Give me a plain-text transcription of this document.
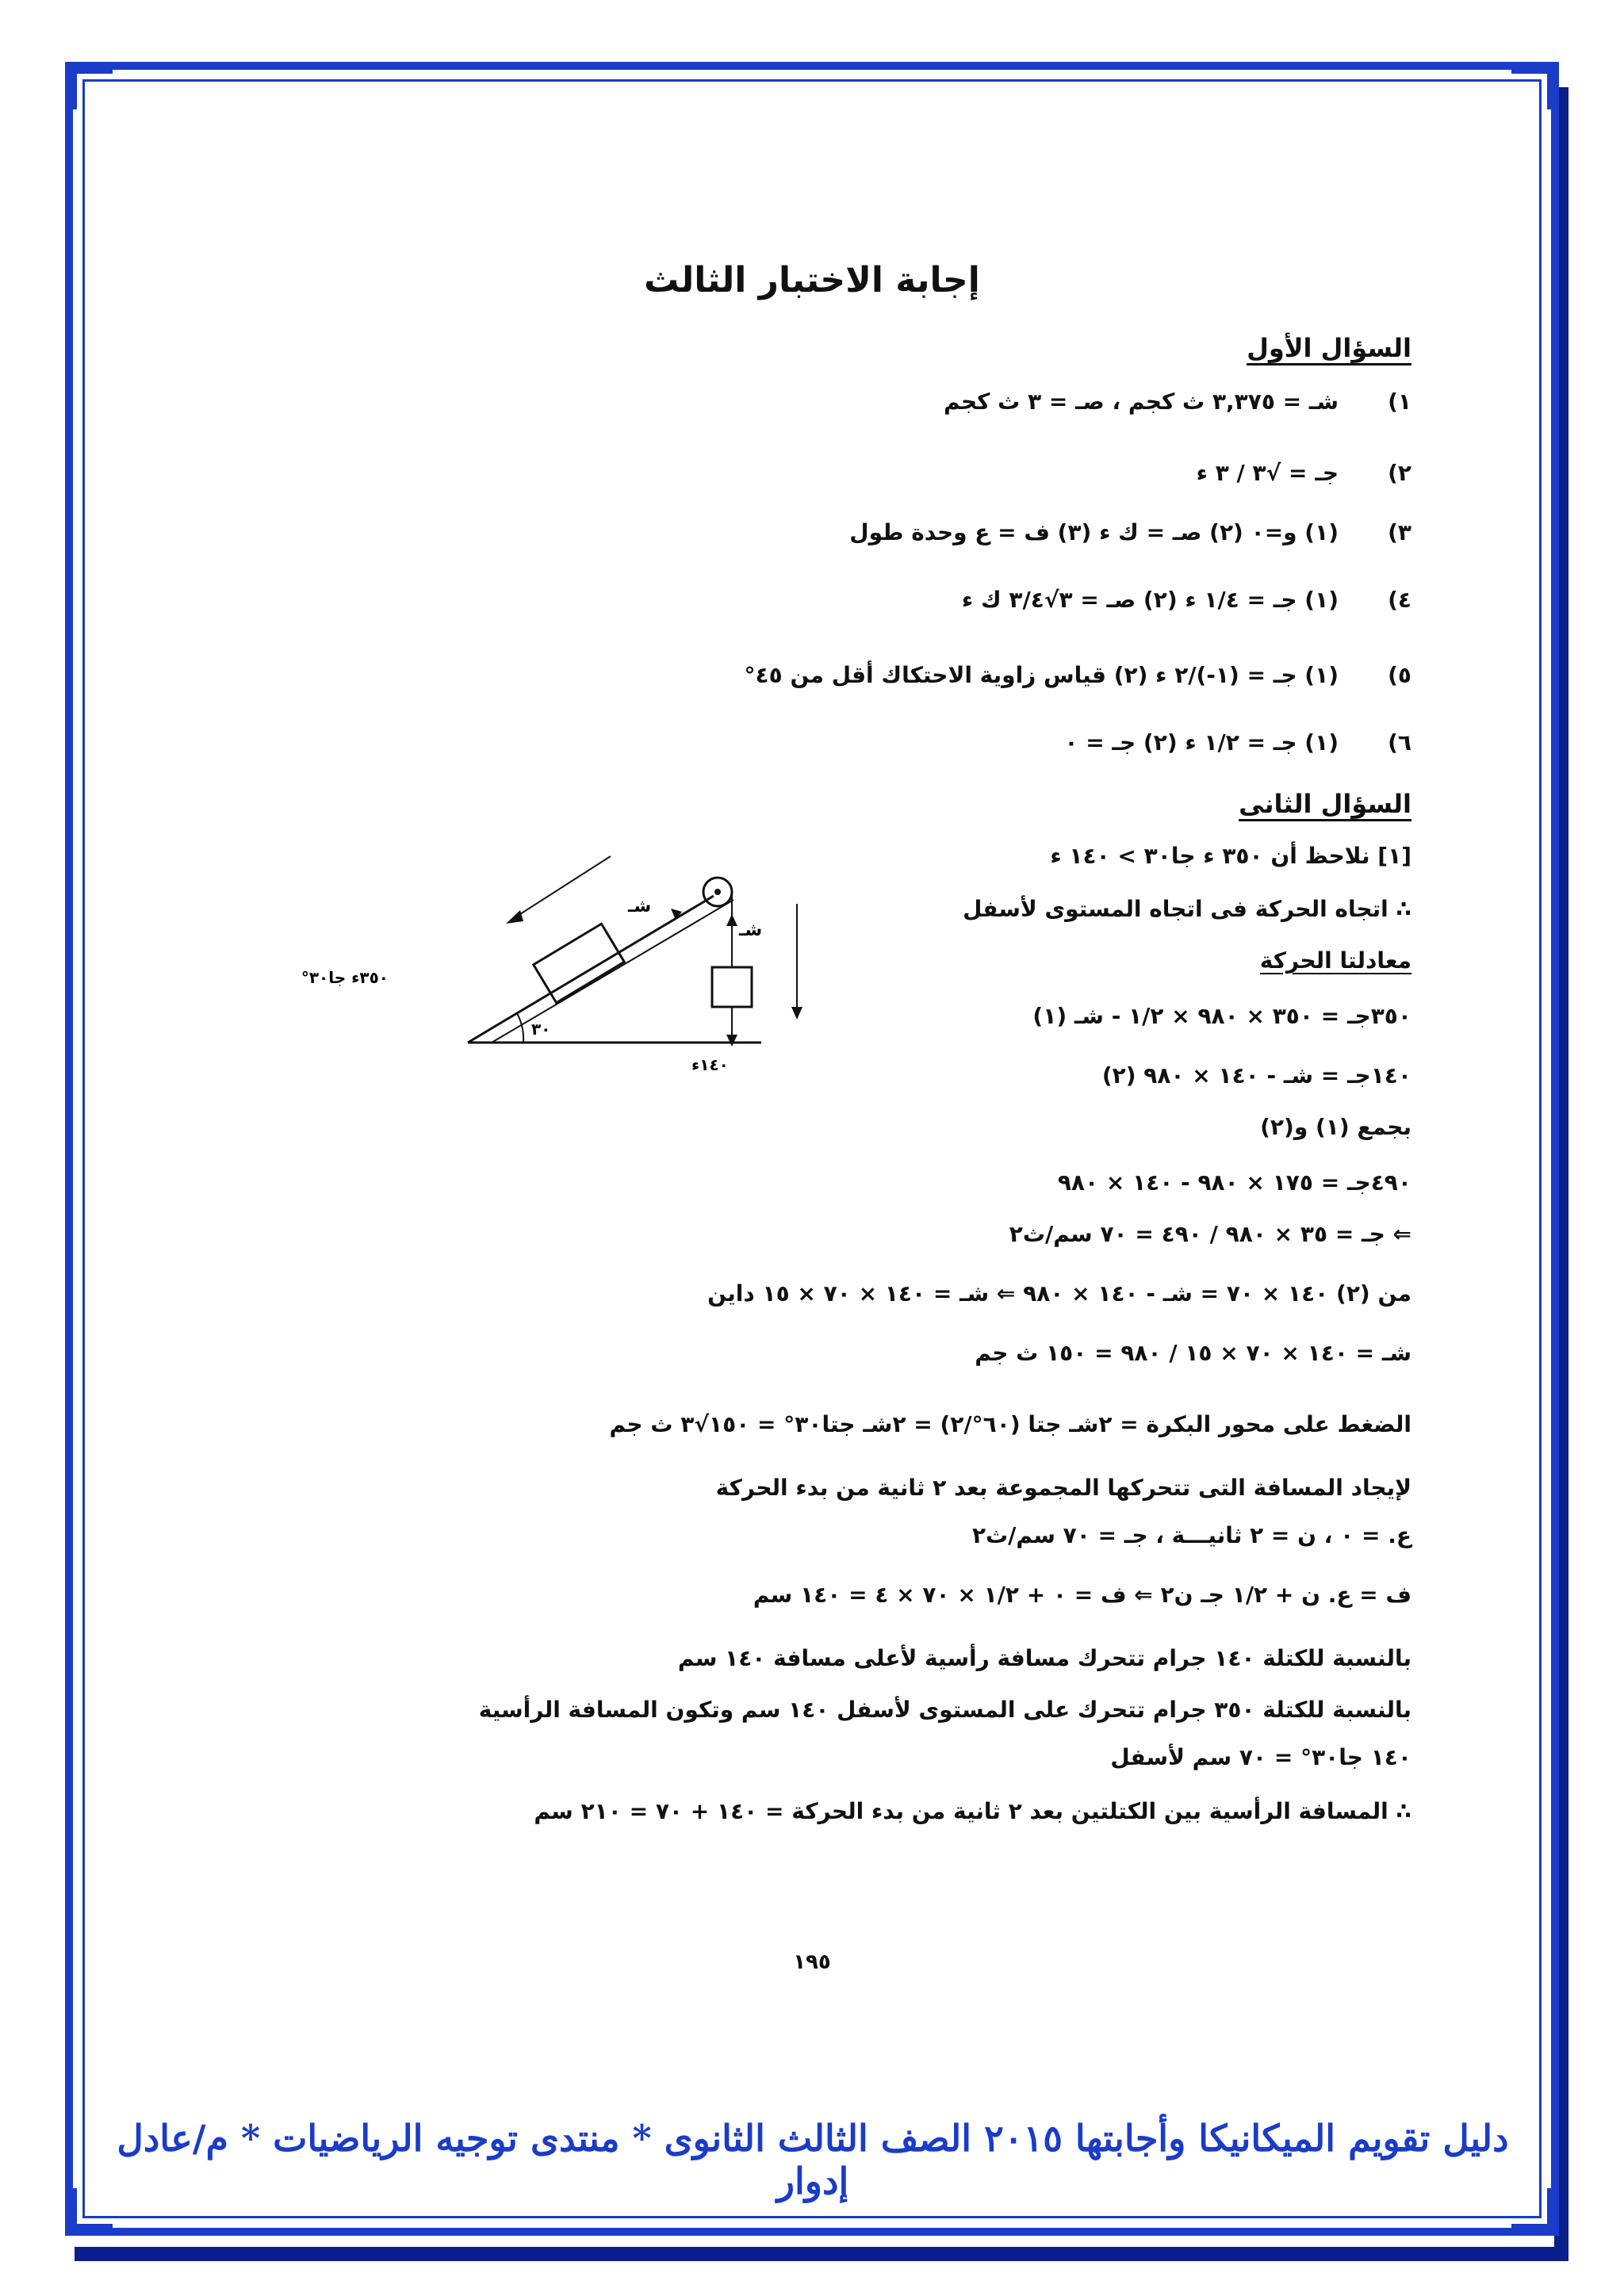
إجابة الاختبار الثالث
السؤال الأول
١)
شـ = ٣,٣٧٥ ث كجم ، ﺻـ = ٣ ث كجم
٢)
جـ = √٣ / ٣ ء
٣)
(١) و=٠ (٢) ﺻـ = ك ء (٣) ف = ع وحدة طول
٤)
(١) جـ = ١/٤ ء (٢) ﺻـ = ٣√٣/٤ ك ء
٥)
(١) جـ = (١-)/٢ ء (٢) قياس زاوية الاحتكاك أقل من ٤٥°
٦)
(١) جـ = ١/٢ ء (٢) جـ = ٠
السؤال الثانى
[١] نلاحظ أن ٣٥٠ ء جا٣٠ > ١٤٠ ء
∴ اتجاه الحركة فى اتجاه المستوى لأسفل
معادلتا الحركة
٣٥٠جـ = ٣٥٠ × ٩٨٠ × ١/٢ - شـ (١)
١٤٠جـ = شـ - ١٤٠ × ٩٨٠ (٢)
بجمع (١) و(٢)
٤٩٠جـ = ١٧٥ × ٩٨٠ - ١٤٠ × ٩٨٠
⇐ جـ = ٣٥ × ٩٨٠ / ٤٩٠ = ٧٠ سم/ث٢
من (٢) ١٤٠ × ٧٠ = شـ - ١٤٠ × ٩٨٠ ⇐ شـ = ١٤٠ × ٧٠ × ١٥ داين
شـ = ١٤٠ × ٧٠ × ١٥ / ٩٨٠ = ١٥٠ ث جم
الضغط على محور البكرة = ٢شـ جتا (٦٠°/٢) = ٢شـ جتا٣٠° = ١٥٠√٣ ث جم
لإيجاد المسافة التى تتحركها المجموعة بعد ٢ ثانية من بدء الحركة
ع. = ٠ ، ن = ٢ ثانيـــة ، جـ = ٧٠ سم/ث٢
ف = ع. ن + ١/٢ جـ ن٢ ⇐ ف = ٠ + ١/٢ × ٧٠ × ٤ = ١٤٠ سم
بالنسبة للكتلة ١٤٠ جرام تتحرك مسافة رأسية لأعلى مسافة ١٤٠ سم
بالنسبة للكتلة ٣٥٠ جرام تتحرك على المستوى لأسفل ١٤٠ سم وتكون المسافة الرأسية
١٤٠ جا٣٠° = ٧٠ سم لأسفل
∴ المسافة الرأسية بين الكتلتين بعد ٢ ثانية من بدء الحركة = ١٤٠ + ٧٠ = ٢١٠ سم
٣٠
شـ
شـ
٣٥٠ء جا٣٠°
١٤٠ء
١٩٥
دليل تقويم الميكانيكا وأجابتها ٢٠١٥ الصف الثالث الثانوى * منتدى توجيه الرياضيات * م/عادل إدوار
